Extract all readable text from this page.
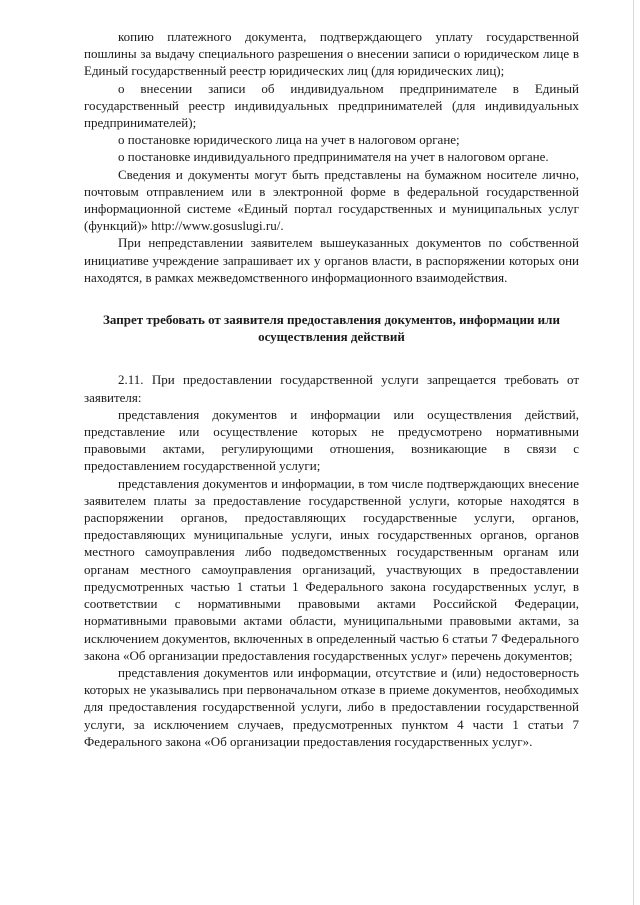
копию платежного документа, подтверждающего уплату государственной пошлины за выдачу специального разрешения о внесении записи о юридическом лице в Единый государственный реестр юридических лиц (для юридических лиц);

о внесении записи об индивидуальном предпринимателе в Единый государственный реестр индивидуальных предпринимателей (для индивидуальных предпринимателей);

о постановке юридического лица на учет в налоговом органе;

о постановке индивидуального предпринимателя на учет в налоговом органе.

Сведения и документы могут быть представлены на бумажном носителе лично, почтовым отправлением или в электронной форме в федеральной государственной информационной системе «Единый портал государственных и муниципальных услуг (функций)» http://www.gosuslugi.ru/.

При непредставлении заявителем вышеуказанных документов по собственной инициативе учреждение запрашивает их у органов власти, в распоряжении которых они находятся, в рамках межведомственного информационного взаимодействия.

Запрет требовать от заявителя предоставления документов, информации или осуществления действий

2.11. При предоставлении государственной услуги запрещается требовать от заявителя:

представления документов и информации или осуществления действий, представление или осуществление которых не предусмотрено нормативными правовыми актами, регулирующими отношения, возникающие в связи с предоставлением государственной услуги;

представления документов и информации, в том числе подтверждающих внесение заявителем платы за предоставление государственной услуги, которые находятся в распоряжении органов, предоставляющих государственные услуги, органов, предоставляющих муниципальные услуги, иных государственных органов, органов местного самоуправления либо подведомственных государственным органам или органам местного самоуправления организаций, участвующих в предоставлении предусмотренных частью 1 статьи 1 Федерального закона государственных услуг, в соответствии с нормативными правовыми актами Российской Федерации, нормативными правовыми актами области, муниципальными правовыми актами, за исключением документов, включенных в определенный частью 6 статьи 7 Федерального закона «Об организации предоставления государственных услуг» перечень документов;

представления документов или информации, отсутствие и (или) недостоверность которых не указывались при первоначальном отказе в приеме документов, необходимых для предоставления государственной услуги, либо в предоставлении государственной услуги, за исключением случаев, предусмотренных пунктом 4 части 1 статьи 7 Федерального закона «Об организации предоставления государственных услуг».
